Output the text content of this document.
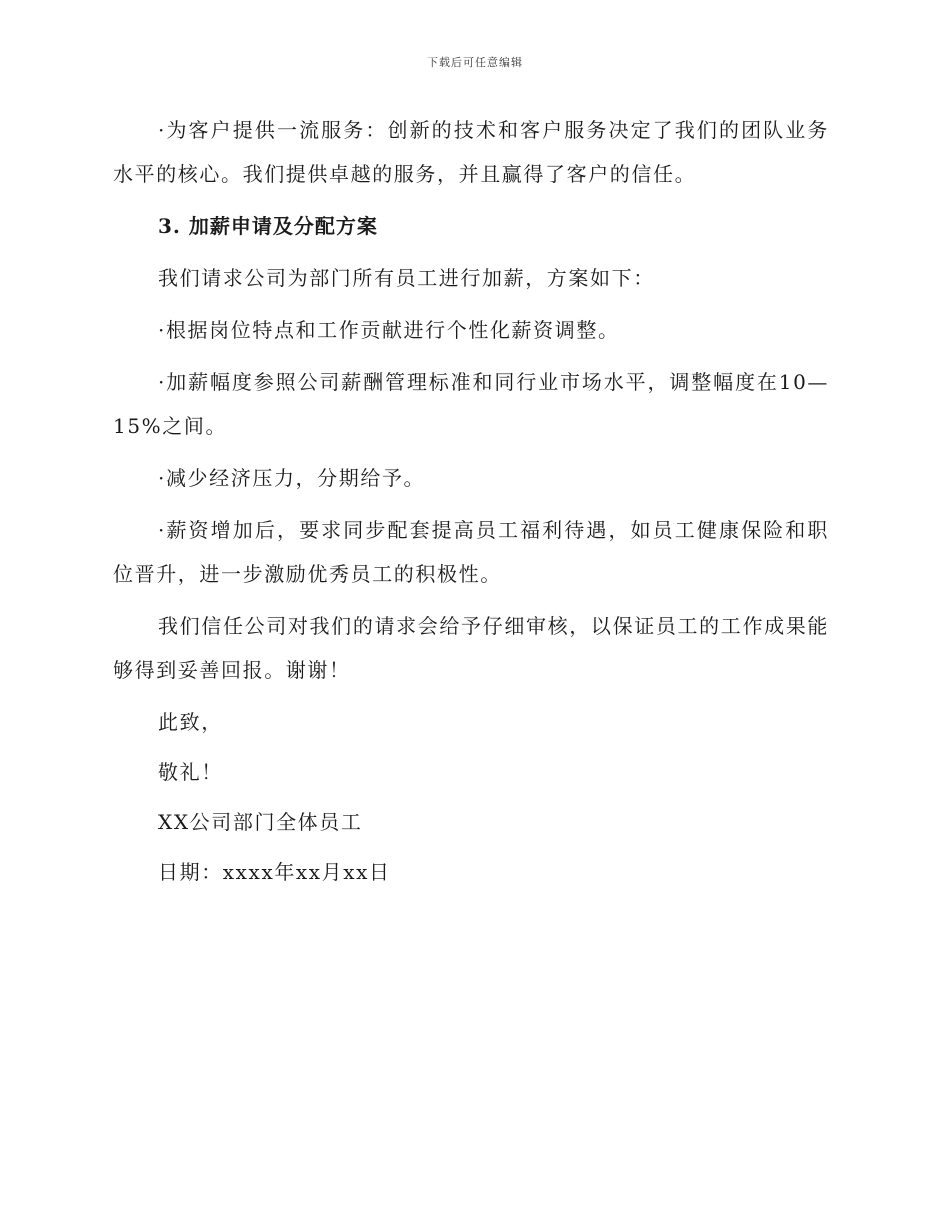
下载后可任意编辑

·为客户提供一流服务：创新的技术和客户服务决定了我们的团队业务水平的核心。我们提供卓越的服务，并且赢得了客户的信任。

3. 加薪申请及分配方案

我们请求公司为部门所有员工进行加薪，方案如下：

·根据岗位特点和工作贡献进行个性化薪资调整。

·加薪幅度参照公司薪酬管理标准和同行业市场水平，调整幅度在10—15%之间。

·减少经济压力，分期给予。

·薪资增加后，要求同步配套提高员工福利待遇，如员工健康保险和职位晋升，进一步激励优秀员工的积极性。

我们信任公司对我们的请求会给予仔细审核，以保证员工的工作成果能够得到妥善回报。谢谢！

此致，

敬礼！

XX公司部门全体员工

日期：xxxx年xx月xx日
